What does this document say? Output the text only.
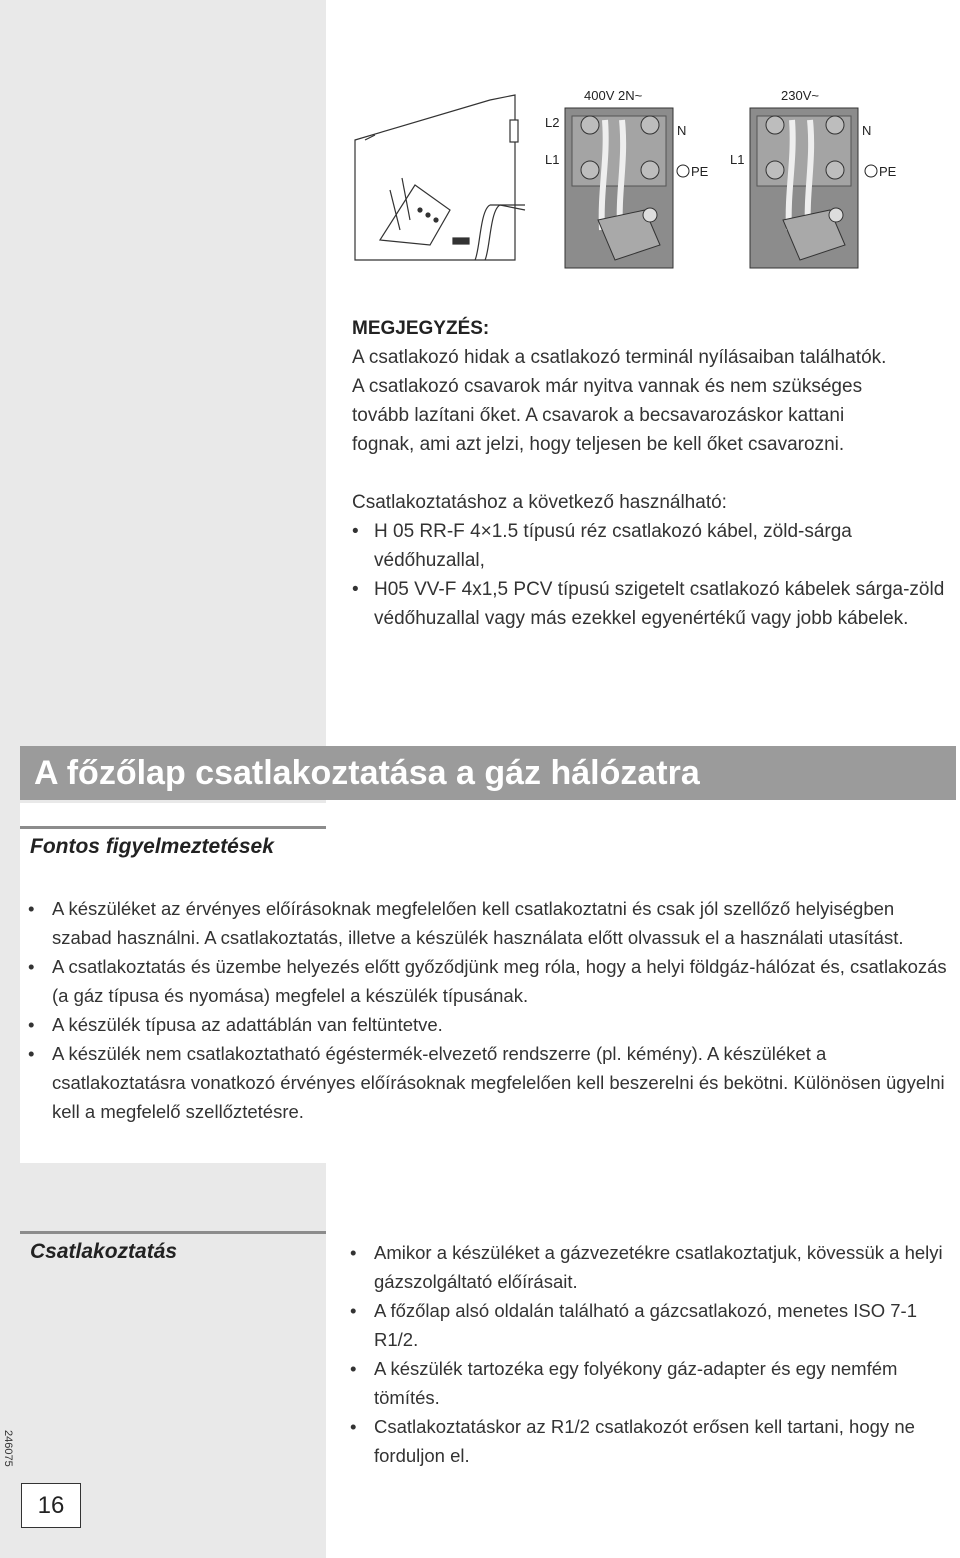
400V 2N~
L2
L1
N
PE
230V~
L1
N
PE

MEGJEGYZÉS:

A csatlakozó hidak a csatlakozó terminál nyílásaiban találhatók.

A csatlakozó csavarok már nyitva vannak és nem szükséges

tovább lazítani őket. A csavarok a becsavarozáskor kattani

fognak, ami azt jelzi, hogy teljesen be kell őket csavarozni.

Csatlakoztatáshoz a következő használható:

• H 05 RR-F 4×1.5 típusú réz csatlakozó kábel, zöld-sárga védőhuzallal,
• H05 VV-F 4x1,5 PCV típusú szigetelt csatlakozó kábelek sárga-zöld védőhuzallal vagy más ezekkel egyenértékű vagy jobb kábelek.
A főzőlap csatlakoztatása a gáz hálózatra
Fontos figyelmeztetések
• A készüléket az érvényes előírásoknak megfelelően kell csatlakoztatni és csak jól szellőző helyiségben szabad használni. A csatlakoztatás, illetve a készülék használata előtt olvassuk el a használati utasítást.
• A csatlakoztatás és üzembe helyezés előtt győződjünk meg róla, hogy a helyi földgáz-hálózat és, csatlakozás (a gáz típusa és nyomása) megfelel a készülék típusának.
• A készülék típusa az adattáblán van feltüntetve.
• A készülék nem csatlakoztatható égéstermék-elvezető rendszerre (pl. kémény). A készüléket a csatlakoztatásra vonatkozó érvényes előírásoknak megfelelően kell beszerelni és bekötni. Különösen ügyelni kell a megfelelő szellőztetésre.
Csatlakoztatás
•	Amikor a készüléket a gázvezetékre csatlakoztatjuk, kövessük a helyi gázszolgáltató előírásait.
• A főzőlap alsó oldalán található a gázcsatlakozó, menetes ISO 7-1 R1/2.
• A készülék tartozéka egy folyékony gáz-adapter és egy nemfém tömítés.
• Csatlakoztatáskor az R1/2 csatlakozót erősen kell tartani, hogy ne forduljon el.
246075
16
